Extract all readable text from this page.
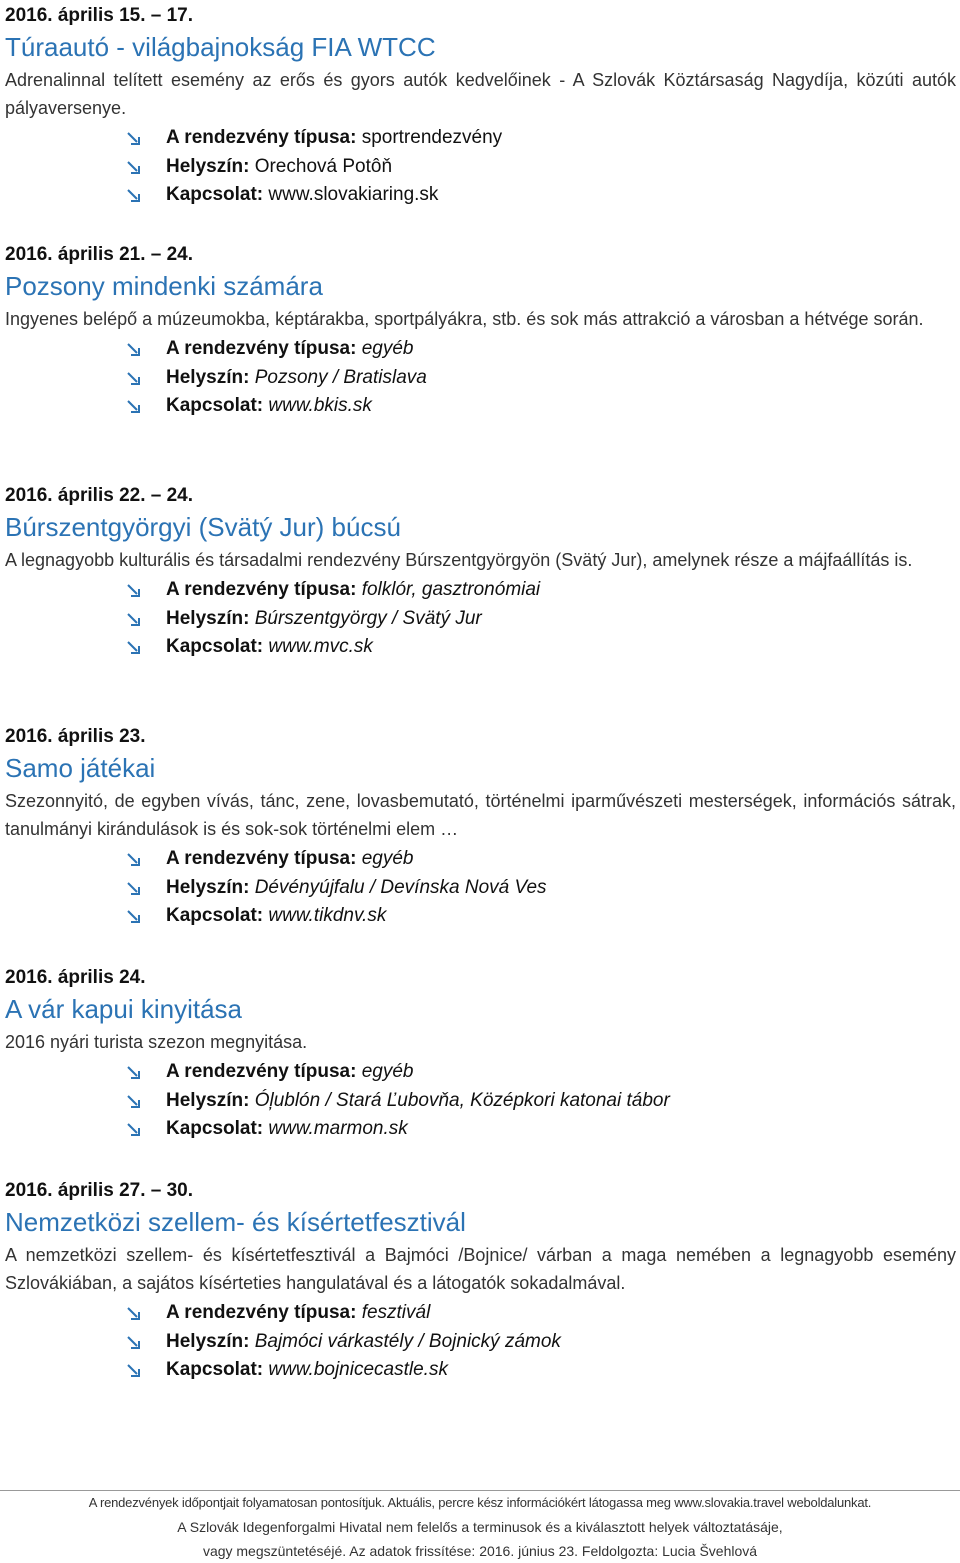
2016. április 15. – 17.
Túraautó - világbajnokság FIA WTCC

Adrenalinnal telített esemény az erős és gyors autók kedvelőinek - A Szlovák Köztársaság Nagydíja, közúti autók pályaversenye.

A rendezvény típusa: sportrendezvény
Helyszín: Orechová Potôň
Kapcsolat: www.slovakiaring.sk
2016. április 21. – 24.
Pozsony mindenki számára

Ingyenes belépő a múzeumokba, képtárakba, sportpályákra, stb. és sok más attrakció a városban a hétvége során.

A rendezvény típusa: egyéb
Helyszín: Pozsony / Bratislava
Kapcsolat: www.bkis.sk
2016. április 22. – 24.
Búrszentgyörgyi (Svätý Jur) búcsú

A legnagyobb kulturális és társadalmi rendezvény Búrszentgyörgyön (Svätý Jur), amelynek része a májfaállítás is.

A rendezvény típusa: folklór, gasztronómiai
Helyszín: Búrszentgyörgy / Svätý Jur
Kapcsolat: www.mvc.sk
2016. április 23.
Samo játékai

Szezonnyitó, de egyben vívás, tánc, zene, lovasbemutató, történelmi iparművészeti mesterségek, információs sátrak, tanulmányi kirándulások is és sok-sok történelmi elem …

A rendezvény típusa: egyéb
Helyszín: Dévényújfalu / Devínska Nová Ves
Kapcsolat: www.tikdnv.sk
2016. április 24.
A vár kapui kinyitása

2016 nyári turista szezon megnyitása.

A rendezvény típusa: egyéb
Helyszín: Óļublón / Stará Ľubovňa, Középkori katonai tábor
Kapcsolat: www.marmon.sk
2016. április 27. – 30.
Nemzetközi szellem- és kísértetfesztivál

A nemzetközi szellem- és kísértetfesztivál a Bajmóci /Bojnice/ várban a maga nemében a legnagyobb esemény Szlovákiában, a sajátos kísérteties hangulatával és a látogatók sokadalmával.

A rendezvény típusa: fesztivál
Helyszín: Bajmóci várkastély / Bojnický zámok
Kapcsolat: www.bojnicecastle.sk
A rendezvények időpontjait folyamatosan pontosítjuk. Aktuális, percre kész információkért látogassa meg www.slovakia.travel weboldalunkat.
A Szlovák Idegenforgalmi Hivatal nem felelős a terminusok és a kiválasztott helyek változtatásáje,
vagy megszüntetéséjé. Az adatok frissítése: 2016. június 23. Feldolgozta: Lucia Švehlová
